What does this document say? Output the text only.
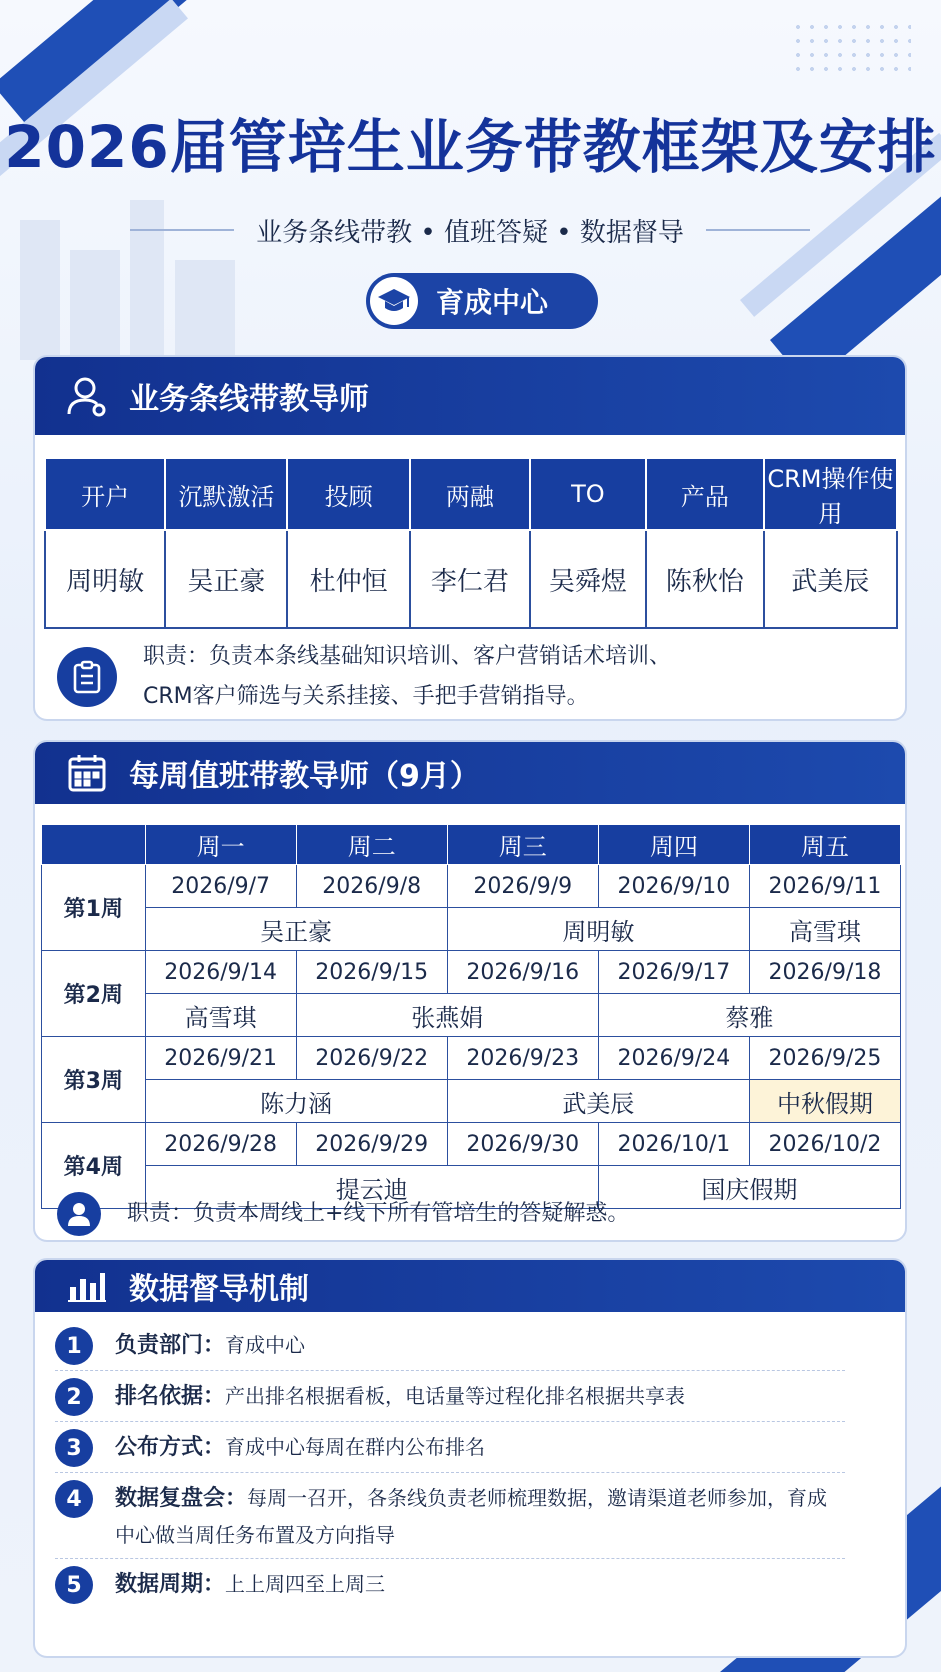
2026届管培生业务带教框架及安排
业务条线带教 • 值班答疑 • 数据督导
育成中心
业务条线带教导师
开户	沉默激活	投顾	两融	TO	产品	CRM操作使用
周明敏	吴正豪	杜仲恒	李仁君	吴舜煜	陈秋怡	武美辰
职责：负责本条线基础知识培训、客户营销话术培训、
CRM客户筛选与关系挂接、手把手营销指导。
每周值班带教导师（9月）
	周一	周二	周三	周四	周五
第1周	2026/9/7	2026/9/8	2026/9/9	2026/9/10	2026/9/11
	吴正豪		周明敏		高雪琪
第2周	2026/9/14	2026/9/15	2026/9/16	2026/9/17	2026/9/18
	高雪琪	张燕娟		蔡雅	
第3周	2026/9/21	2026/9/22	2026/9/23	2026/9/24	2026/9/25
	陈力涵		武美辰		中秋假期
第4周	2026/9/28	2026/9/29	2026/9/30	2026/10/1	2026/10/2
	提云迪			国庆假期	
职责：负责本周线上+线下所有管培生的答疑解惑。
数据督导机制
1	负责部门：育成中心
2	排名依据：产出排名根据看板，电话量等过程化排名根据共享表
3	公布方式：育成中心每周在群内公布排名
4	数据复盘会：每周一召开，各条线负责老师梳理数据，邀请渠道老师参加，育成中心做当周任务布置及方向指导
5	数据周期：上上周四至上周三
